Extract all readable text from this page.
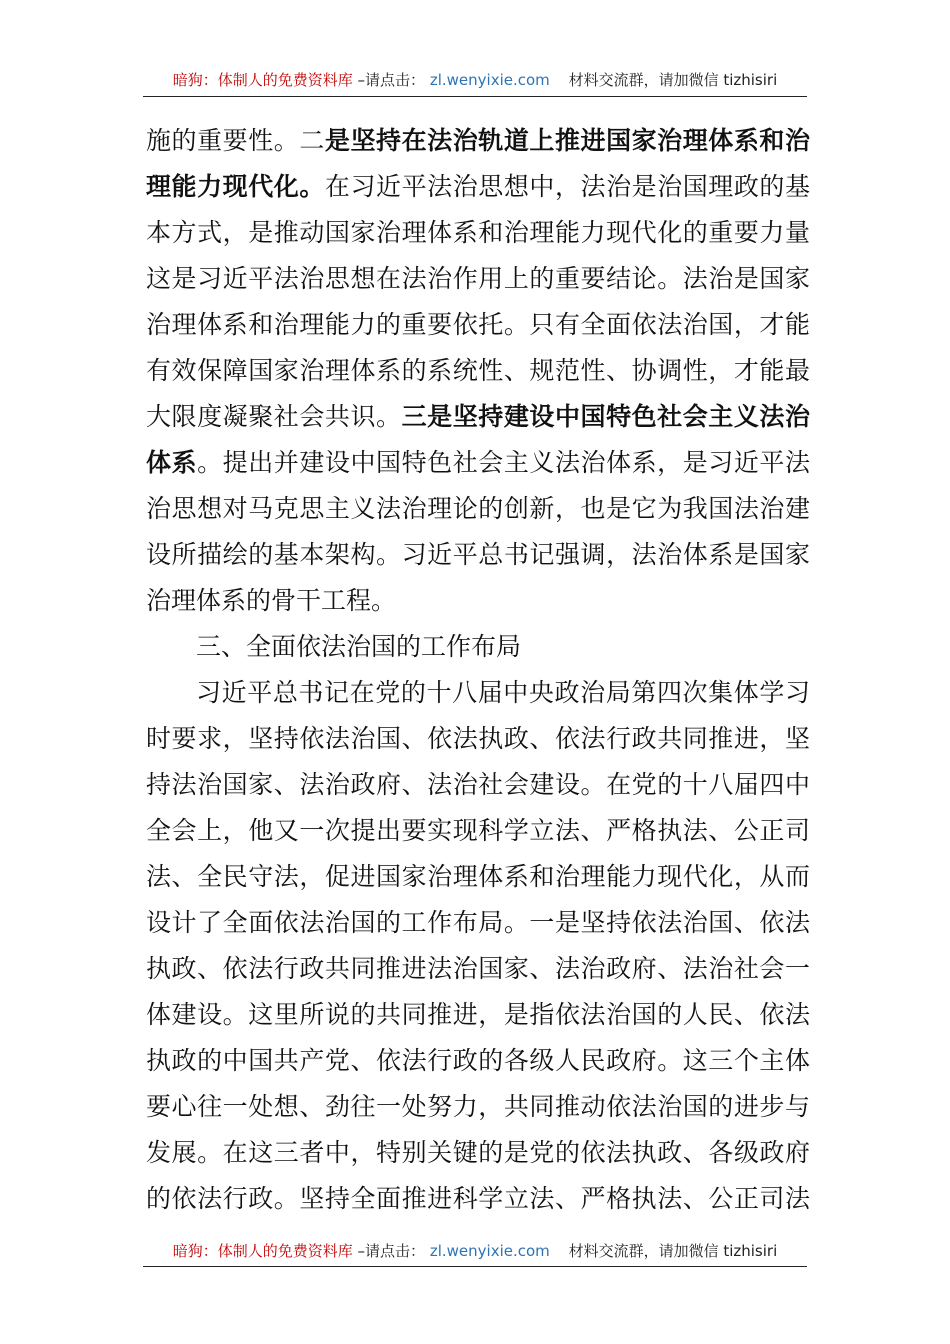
暗狗：体制人的免费资料库 –请点击： zl.wenyixie.com 材料交流群，请加微信 tizhisiri
施的重要性。二是坚持在法治轨道上推进国家治理体系和治
理能力现代化。在习近平法治思想中，法治是治国理政的基
本方式，是推动国家治理体系和治理能力现代化的重要力量
这是习近平法治思想在法治作用上的重要结论。法治是国家
治理体系和治理能力的重要依托。只有全面依法治国，才能
有效保障国家治理体系的系统性、规范性、协调性，才能最
大限度凝聚社会共识。三是坚持建设中国特色社会主义法治
体系。提出并建设中国特色社会主义法治体系，是习近平法
治思想对马克思主义法治理论的创新，也是它为我国法治建
设所描绘的基本架构。习近平总书记强调，法治体系是国家
治理体系的骨干工程。
三、全面依法治国的工作布局
习近平总书记在党的十八届中央政治局第四次集体学习
时要求，坚持依法治国、依法执政、依法行政共同推进，坚
持法治国家、法治政府、法治社会建设。在党的十八届四中
全会上，他又一次提出要实现科学立法、严格执法、公正司
法、全民守法，促进国家治理体系和治理能力现代化，从而
设计了全面依法治国的工作布局。一是坚持依法治国、依法
执政、依法行政共同推进法治国家、法治政府、法治社会一
体建设。这里所说的共同推进，是指依法治国的人民、依法
执政的中国共产党、依法行政的各级人民政府。这三个主体
要心往一处想、劲往一处努力，共同推动依法治国的进步与
发展。在这三者中，特别关键的是党的依法执政、各级政府
的依法行政。坚持全面推进科学立法、严格执法、公正司法
暗狗：体制人的免费资料库 –请点击： zl.wenyixie.com 材料交流群，请加微信 tizhisiri
